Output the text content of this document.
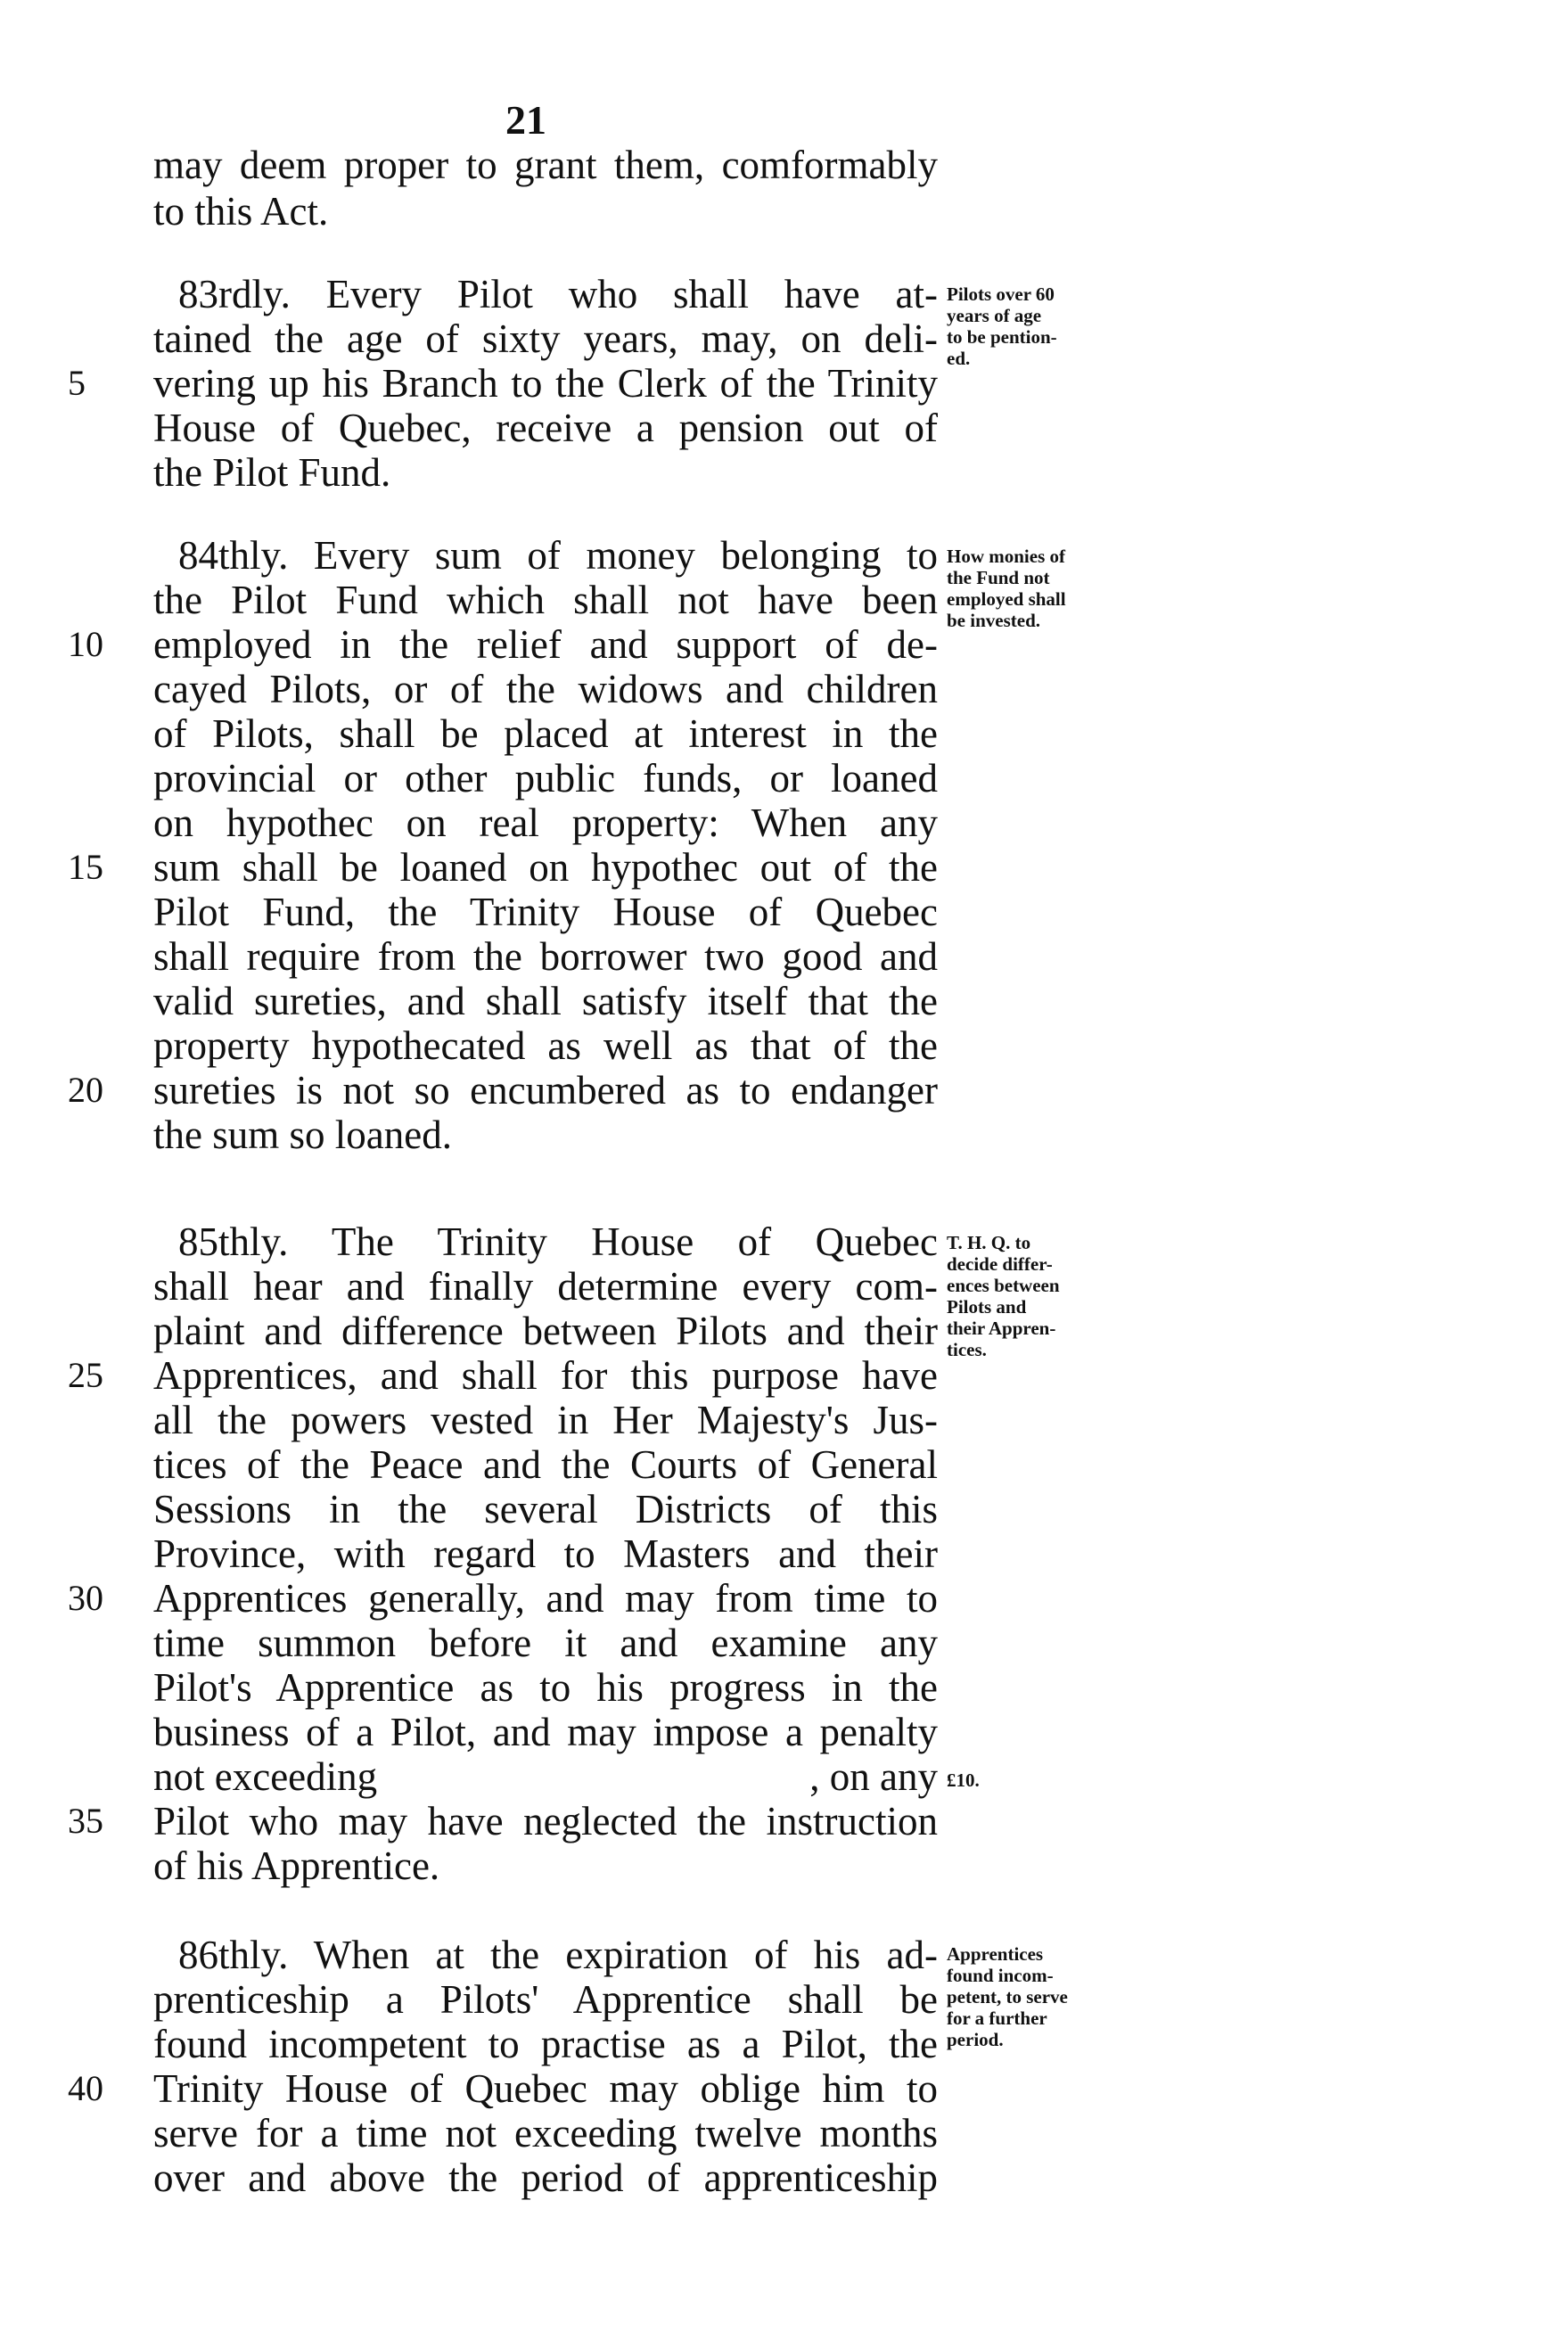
21
may deem proper to grant them, comformably
to this Act.
83rdly. Every Pilot who shall have at-
tained the age of sixty years, may, on deli-
vering up his Branch to the Clerk of the Trinity
House of Quebec, receive a pension out of
the Pilot Fund.
84thly. Every sum of money belonging to
the Pilot Fund which shall not have been
employed in the relief and support of de-
cayed Pilots, or of the widows and children
of Pilots, shall be placed at interest in the
provincial or other public funds, or loaned
on hypothec on real property: When any
sum shall be loaned on hypothec out of the
Pilot Fund, the Trinity House of Quebec
shall require from the borrower two good and
valid sureties, and shall satisfy itself that the
property hypothecated as well as that of the
sureties is not so encumbered as to endanger
the sum so loaned.
85thly. The Trinity House of Quebec
shall hear and finally determine every com-
plaint and difference between Pilots and their
Apprentices, and shall for this purpose have
all the powers vested in Her Majesty's Jus-
tices of the Peace and the Courts of General
Sessions in the several Districts of this
Province, with regard to Masters and their
Apprentices generally, and may from time to
time summon before it and examine any
Pilot's Apprentice as to his progress in the
business of a Pilot, and may impose a penalty
not exceeding	, on any
Pilot who may have neglected the instruction
of his Apprentice.
86thly. When at the expiration of his ad-
prenticeship a Pilots' Apprentice shall be
found incompetent to practise as a Pilot, the
Trinity House of Quebec may oblige him to
serve for a time not exceeding twelve months
over and above the period of apprenticeship
5
10
15
20
25
30
35
40
Pilots over 60
years of age
to be pention-
ed.
How monies of
the Fund not
employed shall
be invested.
T. H. Q. to
decide differ-
ences between
Pilots and
their Appren-
tices.
£10.
Apprentices
found incom-
petent, to serve
for a further
period.
